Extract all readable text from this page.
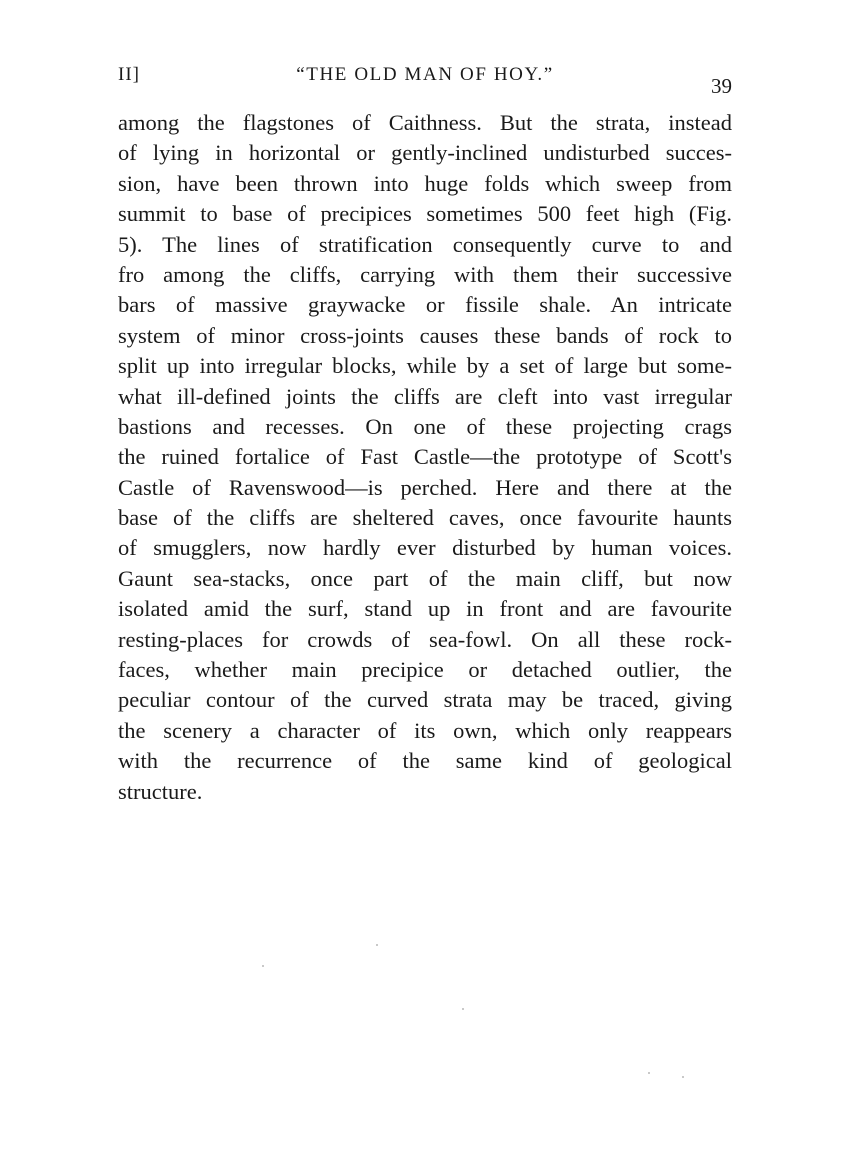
II]	“THE OLD MAN OF HOY.”	39
among the flagstones of Caithness. But the strata, instead
of lying in horizontal or gently-inclined undisturbed succes-
sion, have been thrown into huge folds which sweep from
summit to base of precipices sometimes 500 feet high (Fig.
5). The lines of stratification consequently curve to and
fro among the cliffs, carrying with them their successive
bars of massive graywacke or fissile shale. An intricate
system of minor cross-joints causes these bands of rock to
split up into irregular blocks, while by a set of large but some-
what ill-defined joints the cliffs are cleft into vast irregular
bastions and recesses. On one of these projecting crags
the ruined fortalice of Fast Castle—the prototype of Scott's
Castle of Ravenswood—is perched. Here and there at the
base of the cliffs are sheltered caves, once favourite haunts
of smugglers, now hardly ever disturbed by human voices.
Gaunt sea-stacks, once part of the main cliff, but now
isolated amid the surf, stand up in front and are favourite
resting-places for crowds of sea-fowl. On all these rock-
faces, whether main precipice or detached outlier, the
peculiar contour of the curved strata may be traced, giving
the scenery a character of its own, which only reappears
with the recurrence of the same kind of geological
structure.
